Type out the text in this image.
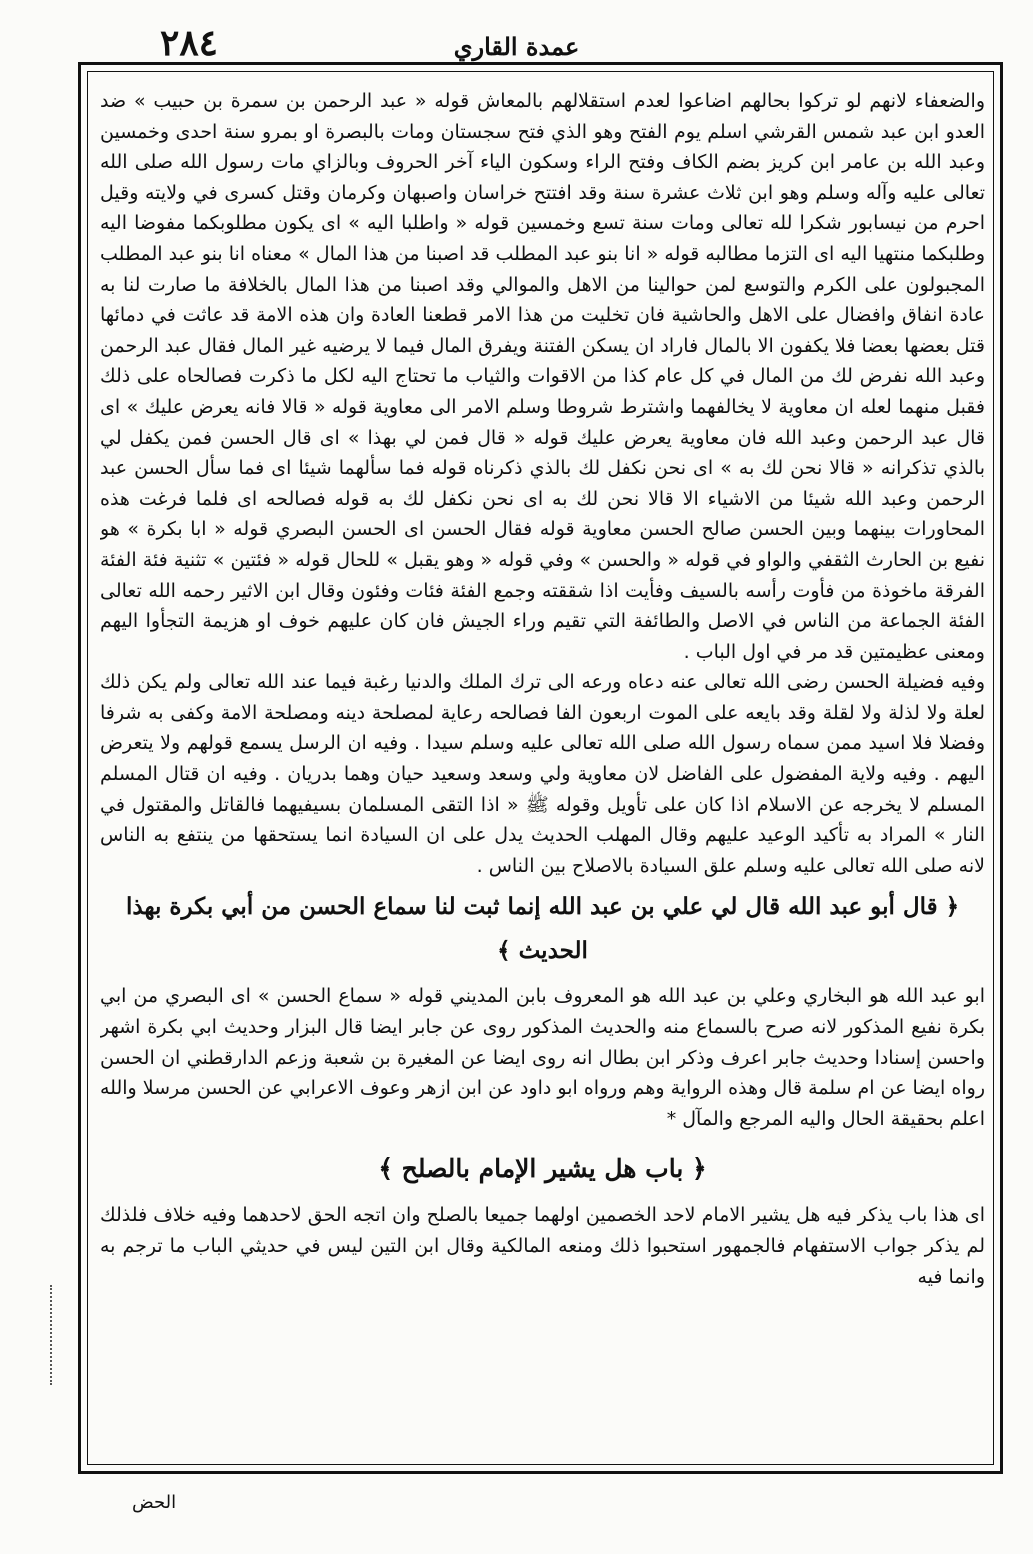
٢٨٤	عمدة القاري

والضعفاء لانهم لو تركوا بحالهم اضاعوا لعدم استقلالهم بالمعاش قوله « عبد الرحمن بن سمرة بن حبيب » ضد العدو ابن عبد شمس القرشي اسلم يوم الفتح وهو الذي فتح سجستان ومات بالبصرة او بمرو سنة احدى وخمسين وعبد الله بن عامر ابن كريز بضم الكاف وفتح الراء وسكون الياء آخر الحروف وبالزاي مات رسول الله صلى الله تعالى عليه وآله وسلم وهو ابن ثلاث عشرة سنة وقد افتتح خراسان واصبهان وكرمان وقتل كسرى في ولايته وقيل احرم من نيسابور شكرا لله تعالى ومات سنة تسع وخمسين قوله « واطلبا اليه » اى يكون مطلوبكما مفوضا اليه وطلبكما منتهيا اليه اى التزما مطالبه قوله « انا بنو عبد المطلب قد اصبنا من هذا المال » معناه انا بنو عبد المطلب المجبولون على الكرم والتوسع لمن حوالينا من الاهل والموالي وقد اصبنا من هذا المال بالخلافة ما صارت لنا به عادة انفاق وافضال على الاهل والحاشية فان تخليت من هذا الامر قطعنا العادة وان هذه الامة قد عاثت في دمائها قتل بعضها بعضا فلا يكفون الا بالمال فاراد ان يسكن الفتنة ويفرق المال فيما لا يرضيه غير المال فقال عبد الرحمن وعبد الله نفرض لك من المال في كل عام كذا من الاقوات والثياب ما تحتاج اليه لكل ما ذكرت فصالحاه على ذلك فقبل منهما لعله ان معاوية لا يخالفهما واشترط شروطا وسلم الامر الى معاوية قوله « قالا فانه يعرض عليك » اى قال عبد الرحمن وعبد الله فان معاوية يعرض عليك قوله « قال فمن لي بهذا » اى قال الحسن فمن يكفل لي بالذي تذكرانه « قالا نحن لك به » اى نحن نكفل لك بالذي ذكرناه قوله فما سألهما شيئا اى فما سأل الحسن عبد الرحمن وعبد الله شيئا من الاشياء الا قالا نحن لك به اى نحن نكفل لك به قوله فصالحه اى فلما فرغت هذه المحاورات بينهما وبين الحسن صالح الحسن معاوية قوله فقال الحسن اى الحسن البصري قوله « ابا بكرة » هو نفيع بن الحارث الثقفي والواو في قوله « والحسن » وفي قوله « وهو يقبل » للحال قوله « فئتين » تثنية فئة الفئة الفرقة ماخوذة من فأوت رأسه بالسيف وفأيت اذا شققته وجمع الفئة فئات وفئون وقال ابن الاثير رحمه الله تعالى الفئة الجماعة من الناس في الاصل والطائفة التي تقيم وراء الجيش فان كان عليهم خوف او هزيمة التجأوا اليهم ومعنى عظيمتين قد مر في اول الباب .

وفيه فضيلة الحسن رضى الله تعالى عنه دعاه ورعه الى ترك الملك والدنيا رغبة فيما عند الله تعالى ولم يكن ذلك لعلة ولا لذلة ولا لقلة وقد بايعه على الموت اربعون الفا فصالحه رعاية لمصلحة دينه ومصلحة الامة وكفى به شرفا وفضلا فلا اسيد ممن سماه رسول الله صلى الله تعالى عليه وسلم سيدا . وفيه ان الرسل يسمع قولهم ولا يتعرض اليهم . وفيه ولاية المفضول على الفاضل لان معاوية ولي وسعد وسعيد حيان وهما بدريان . وفيه ان قتال المسلم المسلم لا يخرجه عن الاسلام اذا كان على تأويل وقوله ﷺ « اذا التقى المسلمان بسيفيهما فالقاتل والمقتول في النار » المراد به تأكيد الوعيد عليهم وقال المهلب الحديث يدل على ان السيادة انما يستحقها من ينتفع به الناس لانه صلى الله تعالى عليه وسلم علق السيادة بالاصلاح بين الناس .

﴿ قال أبو عبد الله قال لي علي بن عبد الله إنما ثبت لنا سماع الحسن من أبي بكرة بهذا الحديث ﴾

ابو عبد الله هو البخاري وعلي بن عبد الله هو المعروف بابن المديني قوله « سماع الحسن » اى البصري من ابي بكرة نفيع المذكور لانه صرح بالسماع منه والحديث المذكور روى عن جابر ايضا قال البزار وحديث ابي بكرة اشهر واحسن إسنادا وحديث جابر اعرف وذكر ابن بطال انه روى ايضا عن المغيرة بن شعبة وزعم الدارقطني ان الحسن رواه ايضا عن ام سلمة قال وهذه الرواية وهم ورواه ابو داود عن ابن ازهر وعوف الاعرابي عن الحسن مرسلا والله اعلم بحقيقة الحال واليه المرجع والمآل *

﴿ باب هل يشير الإمام بالصلح ﴾

اى هذا باب يذكر فيه هل يشير الامام لاحد الخصمين اولهما جميعا بالصلح وان اتجه الحق لاحدهما وفيه خلاف فلذلك لم يذكر جواب الاستفهام فالجمهور استحبوا ذلك ومنعه المالكية وقال ابن التين ليس في حديثي الباب ما ترجم به وانما فيه

الحض
